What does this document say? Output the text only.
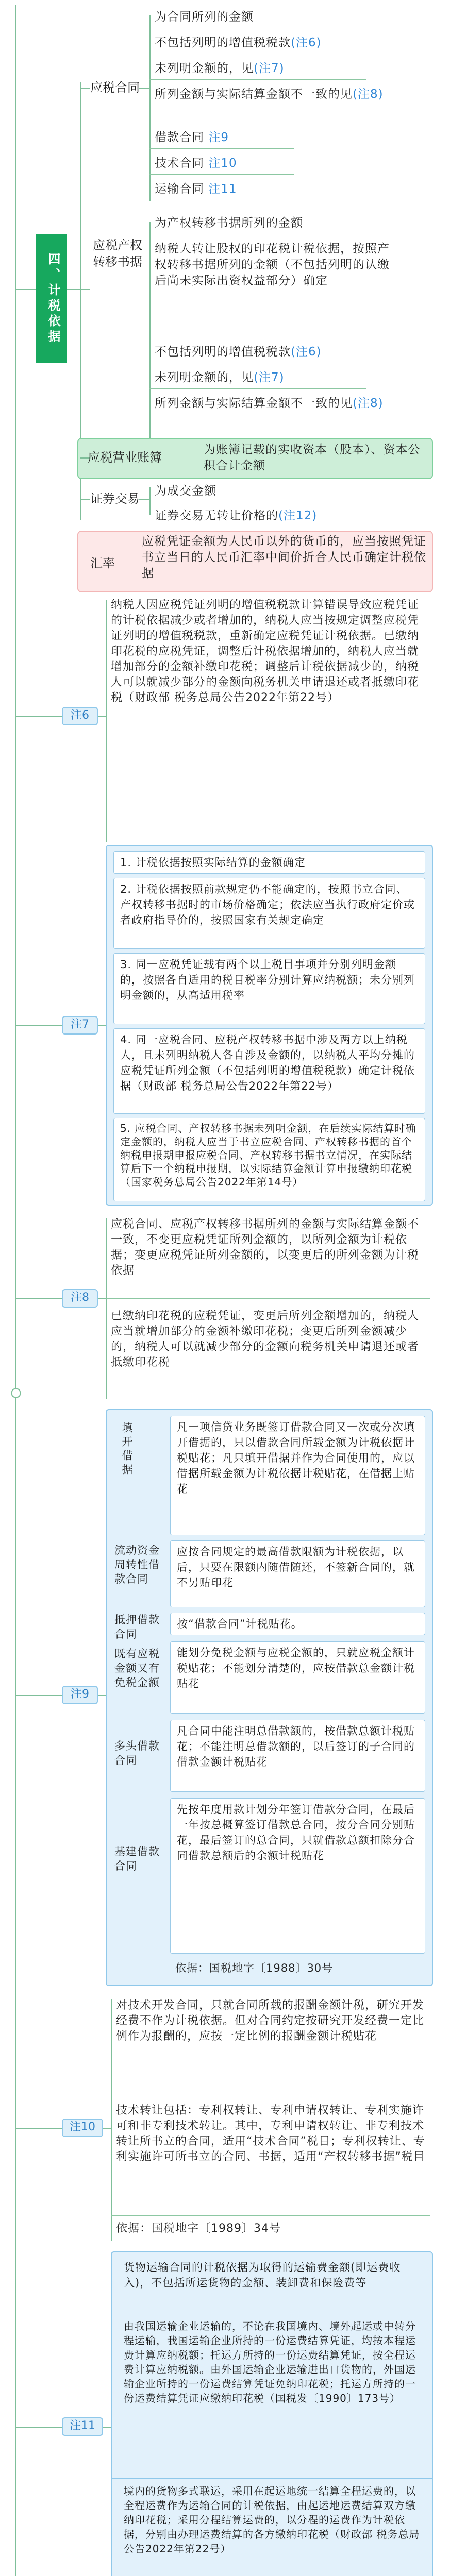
四、计税依据
应税合同
为合同所列的金额
不包括列明的增值税税款(注6)
未列明金额的，见(注7)
所列金额与实际结算金额不一致的见(注8)
借款合同 注9
技术合同 注10
运输合同 注11
应税产权转移书据
为产权转移书据所列的金额
纳税人转让股权的印花税计税依据，按照产权转移书据所列的金额（不包括列明的认缴后尚未实际出资权益部分）确定
不包括列明的增值税税款(注6)
未列明金额的，见(注7)
所列金额与实际结算金额不一致的见(注8)
应税营业账簿
为账簿记载的实收资本（股本）、资本公积合计金额
证券交易
为成交金额
证券交易无转让价格的(注12)
汇率
应税凭证金额为人民币以外的货币的，应当按照凭证书立当日的人民币汇率中间价折合人民币确定计税依据
注6
纳税人因应税凭证列明的增值税税款计算错误导致应税凭证的计税依据减少或者增加的，纳税人应当按规定调整应税凭证列明的增值税税款，重新确定应税凭证计税依据。已缴纳印花税的应税凭证，调整后计税依据增加的，纳税人应当就增加部分的金额补缴印花税；调整后计税依据减少的，纳税人可以就减少部分的金额向税务机关申请退还或者抵缴印花税（财政部 税务总局公告2022年第22号）
注7
1. 计税依据按照实际结算的金额确定
2. 计税依据按照前款规定仍不能确定的，按照书立合同、产权转移书据时的市场价格确定；依法应当执行政府定价或者政府指导价的，按照国家有关规定确定
3. 同一应税凭证载有两个以上税目事项并分别列明金额的，按照各自适用的税目税率分别计算应纳税额；未分别列明金额的，从高适用税率
4. 同一应税合同、应税产权转移书据中涉及两方以上纳税人，且未列明纳税人各自涉及金额的，以纳税人平均分摊的应税凭证所列金额（不包括列明的增值税税款）确定计税依据（财政部 税务总局公告2022年第22号）
5. 应税合同、产权转移书据未列明金额，在后续实际结算时确定金额的，纳税人应当于书立应税合同、产权转移书据的首个纳税申报期申报应税合同、产权转移书据书立情况，在实际结算后下一个纳税申报期，以实际结算金额计算申报缴纳印花税（国家税务总局公告2022年第14号）
注8
应税合同、应税产权转移书据所列的金额与实际结算金额不一致，不变更应税凭证所列金额的，以所列金额为计税依据；变更应税凭证所列金额的，以变更后的所列金额为计税依据
已缴纳印花税的应税凭证，变更后所列金额增加的，纳税人应当就增加部分的金额补缴印花税；变更后所列金额减少的，纳税人可以就减少部分的金额向税务机关申请退还或者抵缴印花税
注9
填开借据	凡一项信贷业务既签订借款合同又一次或分次填开借据的，只以借款合同所载金额为计税依据计税贴花；凡只填开借据并作为合同使用的，应以借据所载金额为计税依据计税贴花，在借据上贴花
流动资金周转性借款合同
应按合同规定的最高借款限额为计税依据，以后，只要在限额内随借随还，不签新合同的，就不另贴印花
抵押借款合同
按“借款合同”计税贴花。
既有应税金额又有免税金额
能划分免税金额与应税金额的，只就应税金额计税贴花；不能划分清楚的，应按借款总金额计税贴花
多头借款合同
凡合同中能注明总借款额的，按借款总额计税贴花；不能注明总借款额的，以后签订的子合同的借款金额计税贴花
基建借款合同
先按年度用款计划分年签订借款分合同，在最后一年按总概算签订借款总合同，按分合同分别贴花，最后签订的总合同，只就借款总额扣除分合同借款总额后的余额计税贴花
依据：国税地字〔1988〕30号
注10
对技术开发合同，只就合同所载的报酬金额计税，研究开发经费不作为计税依据。但对合同约定按研究开发经费一定比例作为报酬的，应按一定比例的报酬金额计税贴花
技术转让包括：专利权转让、专利申请权转让、专利实施许可和非专利技术转让。其中，专利申请权转让、非专利技术转让所书立的合同，适用“技术合同”税目；专利权转让、专利实施许可所书立的合同、书据，适用“产权转移书据”税目
依据：国税地字〔1989〕34号
注11
货物运输合同的计税依据为取得的运输费金额(即运费收入)，不包括所运货物的金额、装卸费和保险费等
由我国运输企业运输的，不论在我国境内、境外起运或中转分程运输，我国运输企业所持的一份运费结算凭证，均按本程运费计算应纳税额；托运方所持的一份运费结算凭证，按全程运费计算应纳税额。由外国运输企业运输进出口货物的，外国运输企业所持的一份运费结算凭证免纳印花税；托运方所持的一份运费结算凭证应缴纳印花税（国税发〔1990〕173号）
境内的货物多式联运，采用在起运地统一结算全程运费的，以全程运费作为运输合同的计税依据，由起运地运费结算双方缴纳印花税；采用分程结算运费的，以分程的运费作为计税依据，分别由办理运费结算的各方缴纳印花税（财政部 税务总局公告2022年第22号）
